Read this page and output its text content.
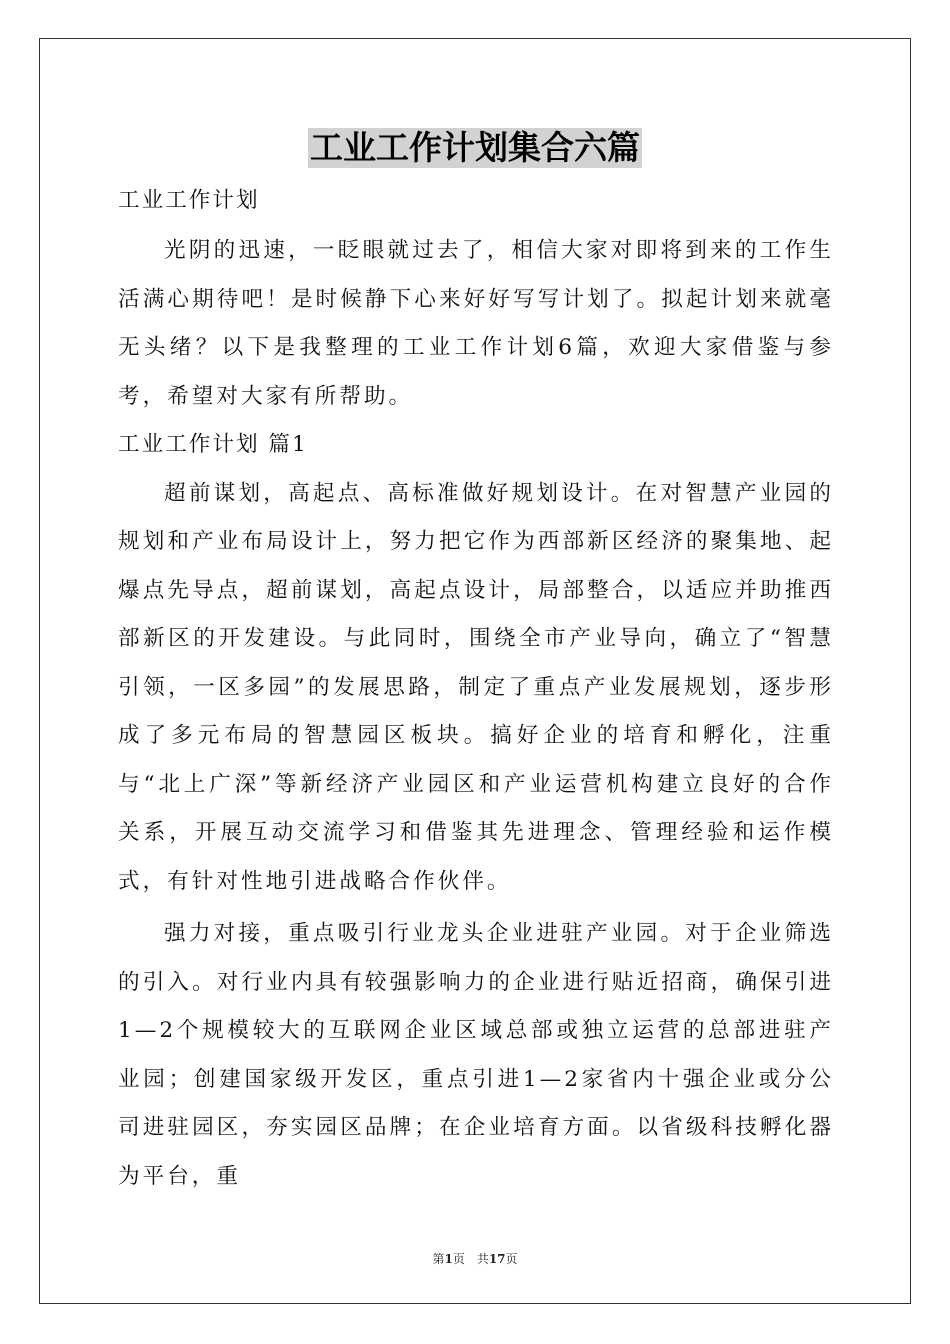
工业工作计划集合六篇

工业工作计划

光阴的迅速，一眨眼就过去了，相信大家对即将到来的工作生活满心期待吧！是时候静下心来好好写写计划了。拟起计划来就毫无头绪？以下是我整理的工业工作计划6篇，欢迎大家借鉴与参考，希望对大家有所帮助。

工业工作计划 篇1

超前谋划，高起点、高标准做好规划设计。在对智慧产业园的规划和产业布局设计上，努力把它作为西部新区经济的聚集地、起爆点先导点，超前谋划，高起点设计，局部整合，以适应并助推西部新区的开发建设。与此同时，围绕全市产业导向，确立了“智慧引领，一区多园”的发展思路，制定了重点产业发展规划，逐步形成了多元布局的智慧园区板块。搞好企业的培育和孵化，注重与“北上广深”等新经济产业园区和产业运营机构建立良好的合作关系，开展互动交流学习和借鉴其先进理念、管理经验和运作模式，有针对性地引进战略合作伙伴。

强力对接，重点吸引行业龙头企业进驻产业园。对于企业筛选的引入。对行业内具有较强影响力的企业进行贴近招商，确保引进1—2个规模较大的互联网企业区域总部或独立运营的总部进驻产业园；创建国家级开发区，重点引进1—2家省内十强企业或分公司进驻园区，夯实园区品牌；在企业培育方面。以省级科技孵化器为平台，重

第1页　共17页
